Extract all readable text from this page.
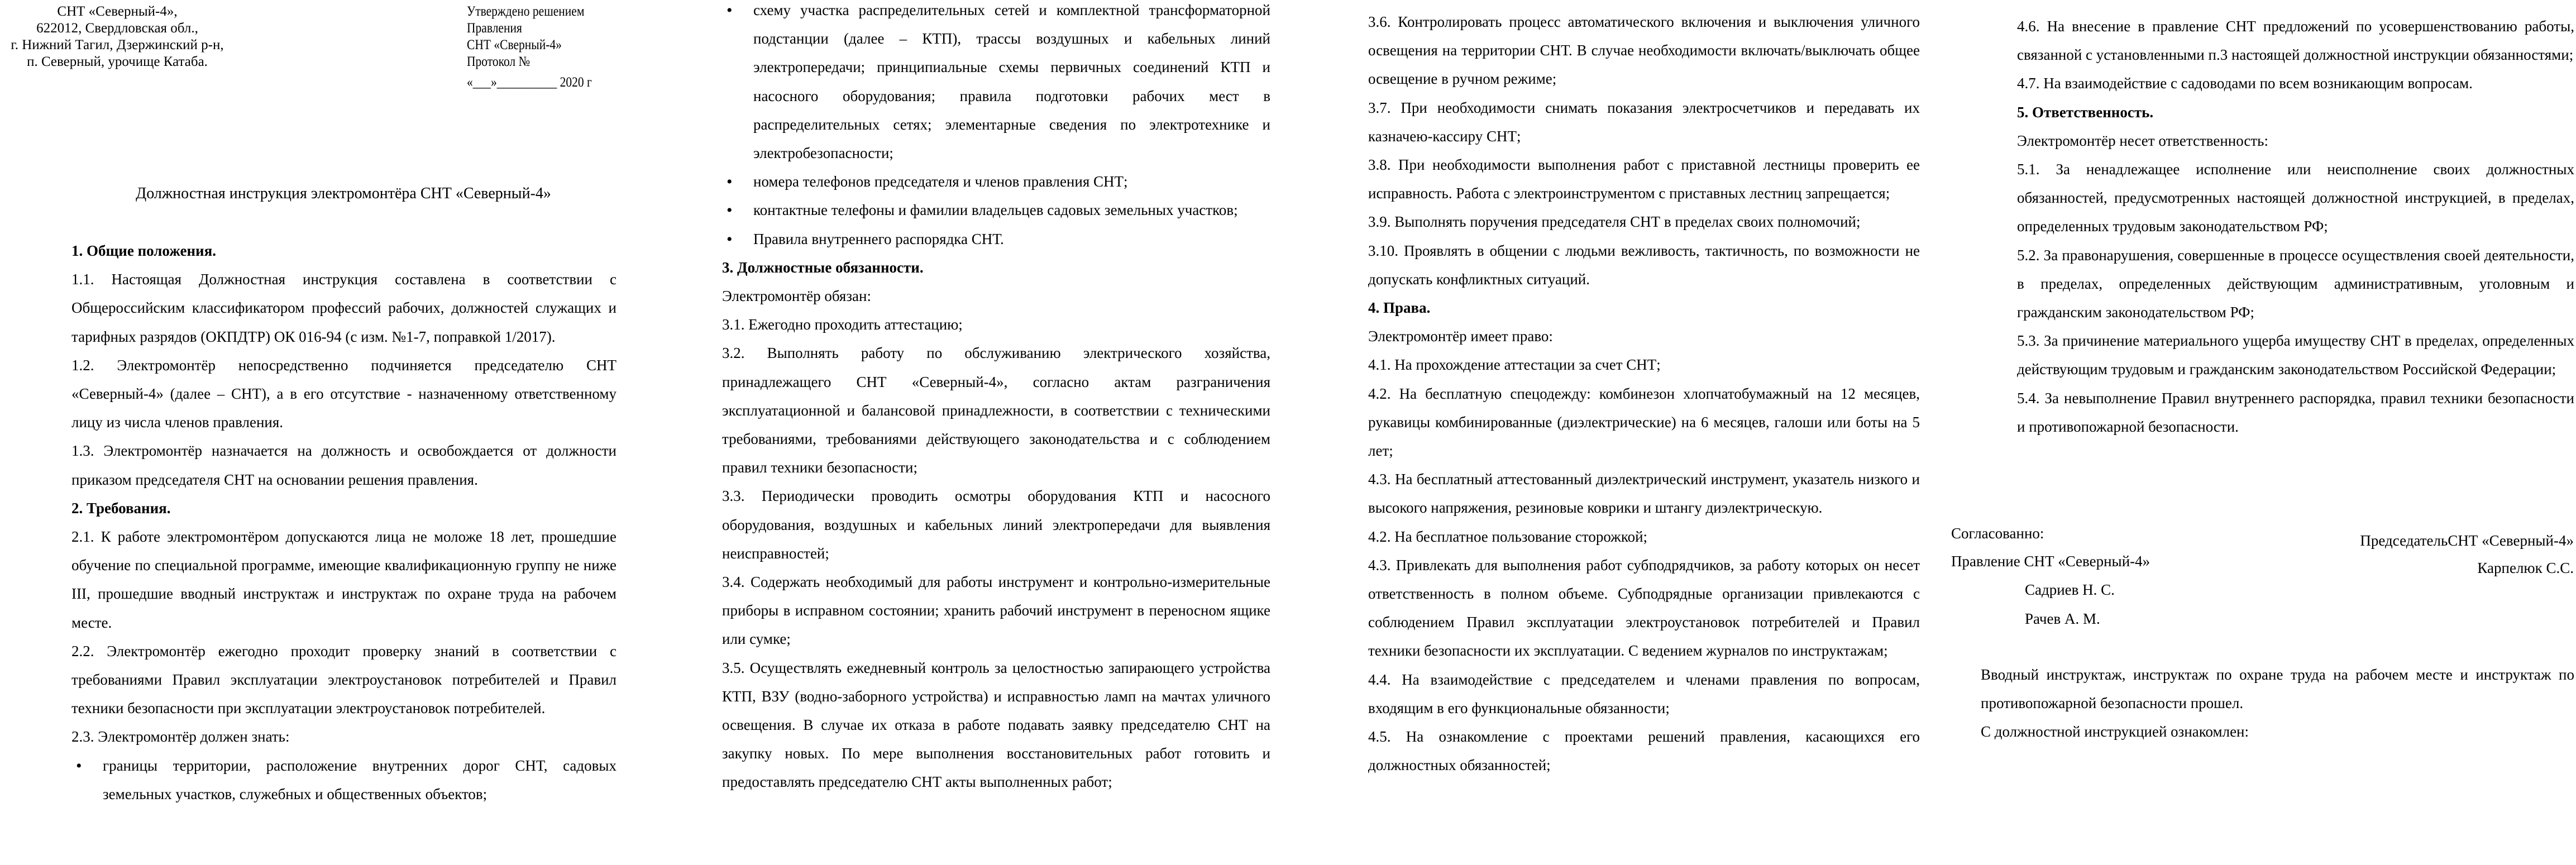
СНТ «Северный-4»,
622012, Свердловская обл.,
г. Нижний Тагил, Дзержинский р-н,
п. Северный, урочище Катаба.
Утверждено решением
Правления
СНТ «Сверный-4»
Протокол №
«___»__________ 2020 г
Должностная инструкция электромонтёра СНТ «Северный-4»
1. Общие положения.

1.1. Настоящая Должностная инструкция составлена в соответствии с Общероссийским классификатором профессий рабочих, должностей служащих и тарифных разрядов (ОКПДТР) ОК 016-94 (с изм. №1-7, поправкой 1/2017).

1.2. Электромонтёр непосредственно подчиняется председателю СНТ «Северный-4» (далее – СНТ), а в его отсутствие - назначенному ответственному лицу из числа членов правления.

1.3. Электромонтёр назначается на должность и освобождается от должности приказом председателя СНТ на основании решения правления.

2. Требования.

2.1. К работе электромонтёром допускаются лица не моложе 18 лет, прошедшие обучение по специальной программе, имеющие квалификационную группу не ниже III, прошедшие вводный инструктаж и инструктаж по охране труда на рабочем месте.

2.2. Электромонтёр ежегодно проходит проверку знаний в соответствии с требованиями Правил эксплуатации электроустановок потребителей и Правил техники безопасности при эксплуатации электроустановок потребителей.

2.3. Электромонтёр должен знать:

• границы территории, расположение внутренних дорог СНТ, садовых земельных участков, служебных и общественных объектов;

• схему участка распределительных сетей и комплектной трансформаторной подстанции (далее – КТП), трассы воздушных и кабельных линий электропередачи; принципиальные схемы первичных соединений КТП и насосного оборудования; правила подготовки рабочих мест в распределительных сетях; элементарные сведения по электротехнике и электробезопасности;

• номера телефонов председателя и членов правления СНТ;

• контактные телефоны и фамилии владельцев садовых земельных участков;

• Правила внутреннего распорядка СНТ.

3. Должностные обязанности.

Электромонтёр обязан:

3.1. Ежегодно проходить аттестацию;

3.2. Выполнять работу по обслуживанию электрического хозяйства, принадлежащего СНТ «Северный-4», согласно актам разграничения эксплуатационной и балансовой принадлежности, в соответствии с техническими требованиями, требованиями действующего законодательства и с соблюдением правил техники безопасности;

3.3. Периодически проводить осмотры оборудования КТП и насосного оборудования, воздушных и кабельных линий электропередачи для выявления неисправностей;

3.4. Содержать необходимый для работы инструмент и контрольно-измерительные приборы в исправном состоянии; хранить рабочий инструмент в переносном ящике или сумке;

3.5. Осуществлять ежедневный контроль за целостностью запирающего устройства КТП, ВЗУ (водно-заборного устройства) и исправностью ламп на мачтах уличного освещения. В случае их отказа в работе подавать заявку председателю СНТ на закупку новых. По мере выполнения восстановительных работ готовить и предоставлять председателю СНТ акты выполненных работ;

3.6. Контролировать процесс автоматического включения и выключения уличного освещения на территории СНТ. В случае необходимости включать/выключать общее освещение в ручном режиме;

3.7. При необходимости снимать показания электросчетчиков и передавать их казначею-кассиру СНТ;

3.8. При необходимости выполнения работ с приставной лестницы проверить ее исправность. Работа с электроинструментом с приставных лестниц запрещается;

3.9. Выполнять поручения председателя СНТ в пределах своих полномочий;

3.10. Проявлять в общении с людьми вежливость, тактичность, по возможности не допускать конфликтных ситуаций.

4. Права.

Электромонтёр имеет право:

4.1. На прохождение аттестации за счет СНТ;

4.2. На бесплатную спецодежду: комбинезон хлопчатобумажный на 12 месяцев, рукавицы комбинированные (диэлектрические) на 6 месяцев, галоши или боты на 5 лет;

4.3. На бесплатный аттестованный диэлектрический инструмент, указатель низкого и высокого напряжения, резиновые коврики и штангу диэлектрическую.

4.2. На бесплатное пользование сторожкой;

4.3. Привлекать для выполнения работ субподрядчиков, за работу которых он несет ответственность в полном объеме. Субподрядные организации привлекаются с соблюдением Правил эксплуатации электроустановок потребителей и Правил техники безопасности их эксплуатации. С ведением журналов по инструктажам;

4.4. На взаимодействие с председателем и членами правления по вопросам, входящим в его функциональные обязанности;

4.5. На ознакомление с проектами решений правления, касающихся его должностных обязанностей;

4.6. На внесение в правление СНТ предложений по усовершенствованию работы, связанной с установленными п.3 настоящей должностной инструкции обязанностями;

4.7. На взаимодействие с садоводами по всем возникающим вопросам.

5. Ответственность.

Электромонтёр несет ответственность:

5.1. За ненадлежащее исполнение или неисполнение своих должностных обязанностей, предусмотренных настоящей должностной инструкцией, в пределах, определенных трудовым законодательством РФ;

5.2. За правонарушения, совершенные в процессе осуществления своей деятельности, в пределах, определенных действующим административным, уголовным и гражданским законодательством РФ;

5.3. За причинение материального ущерба имуществу СНТ в пределах, определенных действующим трудовым и гражданским законодательством Российской Федерации;

5.4. За невыполнение Правил внутреннего распорядка, правил техники безопасности и противопожарной безопасности.

Согласованно:
Правление СНТ «Северный-4»
Садриев Н. С.
Рачев А. М.
ПредседательСНТ «Северный-4»
Карпелюк С.С.

Вводный инструктаж, инструктаж по охране труда на рабочем месте и инструктаж по противопожарной безопасности прошел.

С должностной инструкцией ознакомлен:
